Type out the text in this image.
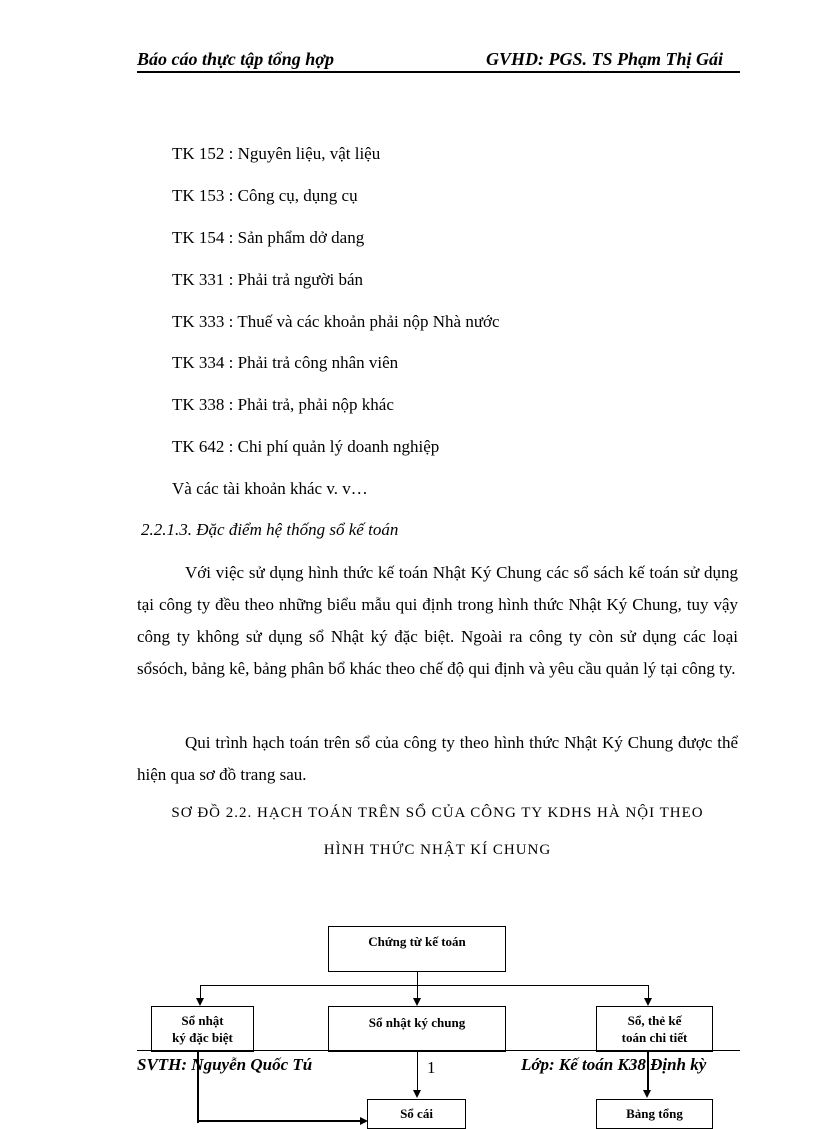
Báo cáo thực tập tổng hợp	GVHD: PGS. TS Phạm Thị Gái
TK 152 : Nguyên liệu, vật liệu
TK 153 : Công cụ, dụng cụ
TK 154 : Sản phẩm dở dang
TK 331 : Phải trả người bán
TK 333 : Thuế và các khoản phải nộp Nhà nước
TK 334 : Phải trả công nhân viên
TK 338 : Phải trả, phải nộp khác
TK 642 : Chi phí quản lý doanh nghiệp
Và các tài khoản khác v. v…
2.2.1.3. Đặc điểm hệ thống sổ kế toán

Với việc sử dụng hình thức kế toán Nhật Ký Chung các sổ sách kế toán sử dụng tại công ty đều theo những biểu mẫu qui định trong hình thức Nhật Ký Chung, tuy vậy công ty không sử dụng sổ Nhật ký đặc biệt. Ngoài ra công ty còn sử dụng các loại sổsóch, bảng kê, bảng phân bổ khác theo chế độ qui định và yêu cầu quản lý tại công ty.

Qui trình hạch toán trên sổ của công ty theo hình thức Nhật Ký Chung được thể hiện qua sơ đồ trang sau.

SƠ ĐỒ 2.2. HẠCH TOÁN TRÊN SỔ CỦA CÔNG TY KDHS HÀ NỘI THEO
HÌNH THỨC NHẬT KÍ CHUNG
Chứng từ kế toán
Sổ nhật
ký đặc biệt
Sổ nhật ký chung	Sổ, thẻ kế
toán chi tiết
Sổ cái	Bảng tổng
SVTH: Nguyễn Quốc Tú	1	Lớp: Kế toán K38 Định kỳ
